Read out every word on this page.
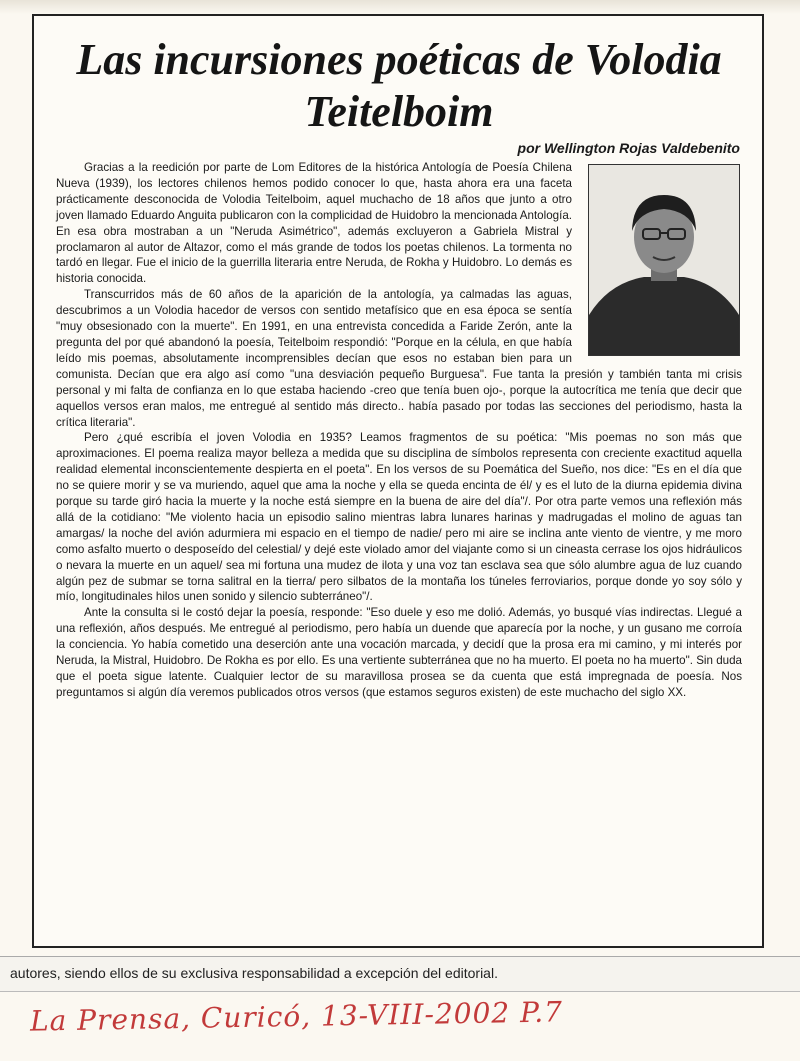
Las incursiones poéticas de Volodia Teitelboim
por Wellington Rojas Valdebenito

Gracias a la reedición por parte de Lom Editores de la histórica Antología de Poesía Chilena Nueva (1939), los lectores chilenos hemos podido conocer lo que, hasta ahora era una faceta prácticamente desconocida de Volodia Teitelboim, aquel muchacho de 18 años que junto a otro joven llamado Eduardo Anguita publicaron con la complicidad de Huidobro la mencionada Antología. En esa obra mostraban a un "Neruda Asimétrico", además excluyeron a Gabriela Mistral y proclamaron al autor de Altazor, como el más grande de todos los poetas chilenos. La tormenta no tardó en llegar. Fue el inicio de la guerrilla literaria entre Neruda, de Rokha y Huidobro. Lo demás es historia conocida.

Transcurridos más de 60 años de la aparición de la antología, ya calmadas las aguas, descubrimos a un Volodia hacedor de versos con sentido metafísico que en esa época se sentía "muy obsesionado con la muerte". En 1991, en una entrevista concedida a Faride Zerón, ante la pregunta del por qué abandonó la poesía, Teitelboim respondió: "Porque en la célula, en que había leído mis poemas, absolutamente incomprensibles decían que esos no estaban bien para un comunista. Decían que era algo así como "una desviación pequeño Burguesa". Fue tanta la presión y también tanta mi crisis personal y mi falta de confianza en lo que estaba haciendo -creo que tenía buen ojo-, porque la autocrítica me tenía que decir que aquellos versos eran malos, me entregué al sentido más directo.. había pasado por todas las secciones del periodismo, hasta la crítica literaria".

Pero ¿qué escribía el joven Volodia en 1935? Leamos fragmentos de su poética: "Mis poemas no son más que aproximaciones. El poema realiza mayor belleza a medida que su disciplina de símbolos representa con creciente exactitud aquella realidad elemental inconscientemente despierta en el poeta". En los versos de su Poemática del Sueño, nos dice: "Es en el día que no se quiere morir y se va muriendo, aquel que ama la noche y ella se queda encinta de él/ y es el luto de la diurna epidemia divina porque su tarde giró hacia la muerte y la noche está siempre en la buena de aire del día"/. Por otra parte vemos una reflexión más allá de la cotidiano: "Me violento hacia un episodio salino mientras labra lunares harinas y madrugadas el molino de aguas tan amargas/ la noche del avión adurmiera mi espacio en el tiempo de nadie/ pero mi aire se inclina ante viento de vientre, y me moro como asfalto muerto o desposeído del celestial/ y dejé este violado amor del viajante como si un cineasta cerrase los ojos hidráulicos o nevara la muerte en un aquel/ sea mi fortuna una mudez de ilota y una voz tan esclava sea que sólo alumbre agua de luz cuando algún pez de submar se torna salitral en la tierra/ pero silbatos de la montaña los túneles ferroviarios, porque donde yo soy sólo y mío, longitudinales hilos unen sonido y silencio subterráneo"/.

Ante la consulta si le costó dejar la poesía, responde: "Eso duele y eso me dolió. Además, yo busqué vías indirectas. Llegué a una reflexión, años después. Me entregué al periodismo, pero había un duende que aparecía por la noche, y un gusano me corroía la conciencia. Yo había cometido una deserción ante una vocación marcada, y decidí que la prosa era mi camino, y mi interés por Neruda, la Mistral, Huidobro. De Rokha es por ello. Es una vertiente subterránea que no ha muerto. El poeta no ha muerto". Sin duda que el poeta sigue latente. Cualquier lector de su maravillosa prosea se da cuenta que está impregnada de poesía. Nos preguntamos si algún día veremos publicados otros versos (que estamos seguros existen) de este muchacho del siglo XX.

autores, siendo ellos de su exclusiva responsabilidad a excepción del editorial.
La Prensa, Curicó, 13-VIII-2002 P.7
